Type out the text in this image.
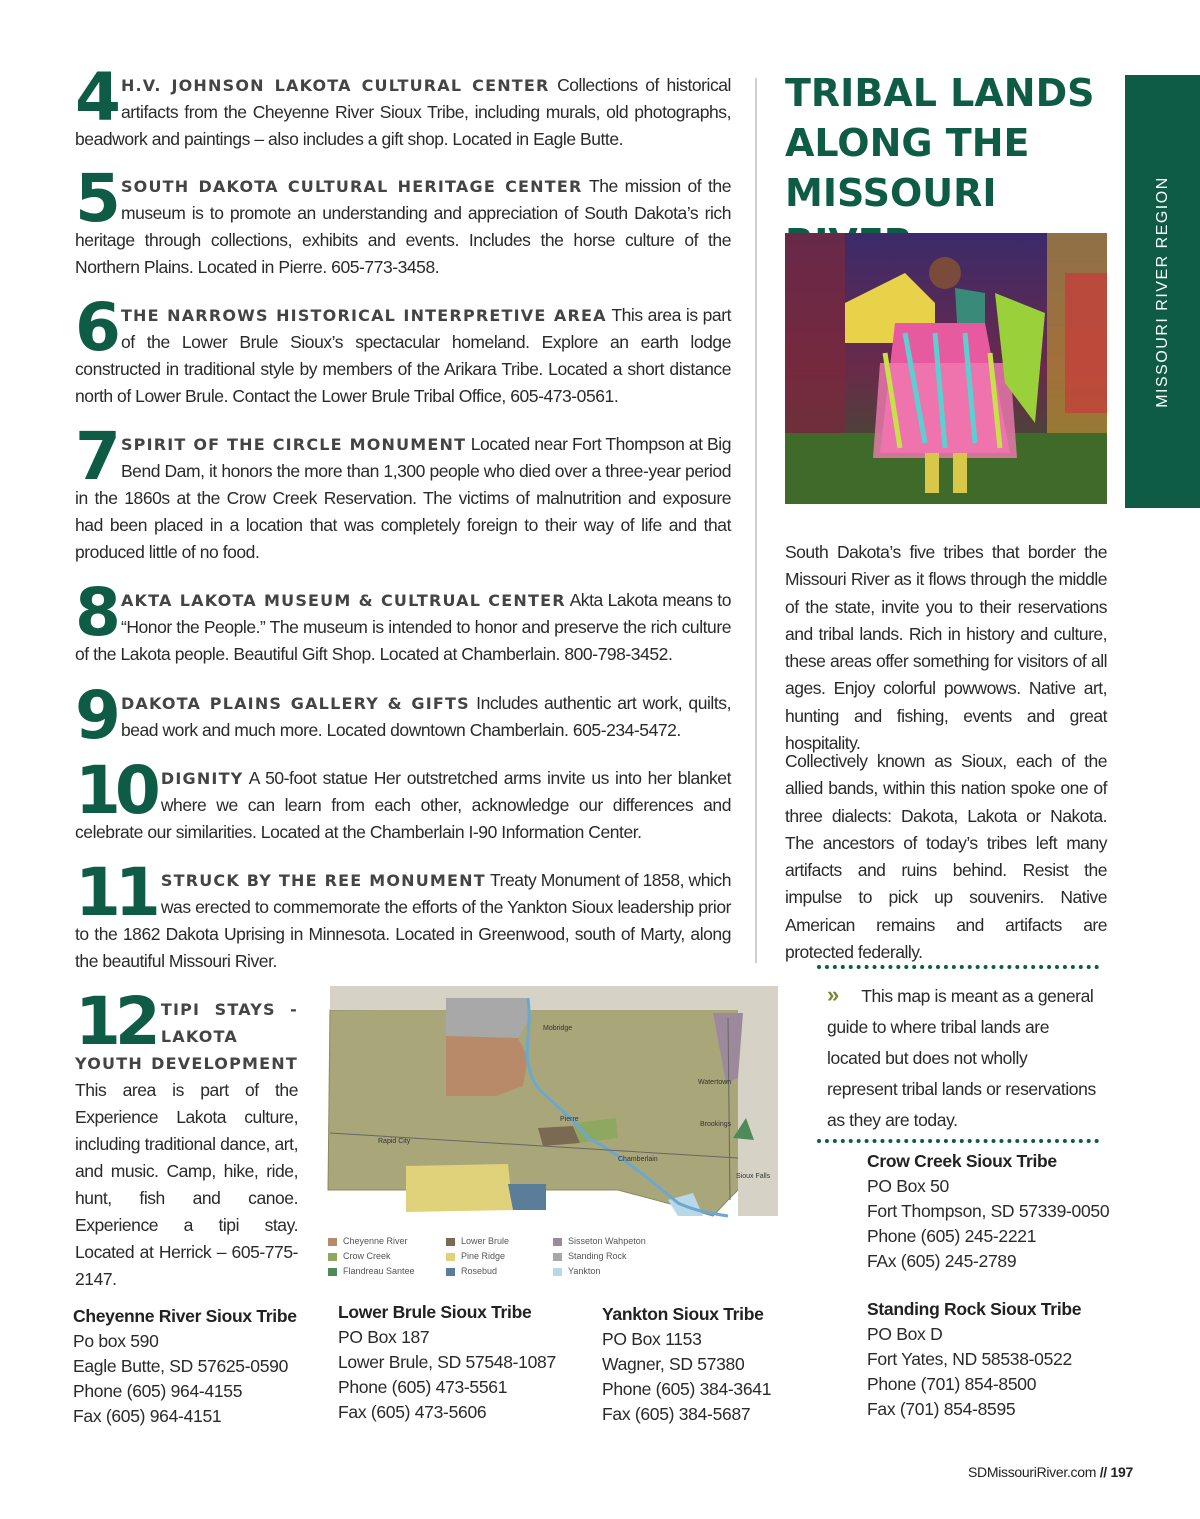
4 H.V. JOHNSON LAKOTA CULTURAL CENTER Collections of historical artifacts from the Cheyenne River Sioux Tribe, including murals, old photographs, beadwork and paintings – also includes a gift shop. Located in Eagle Butte.
5 SOUTH DAKOTA CULTURAL HERITAGE CENTER The mission of the museum is to promote an understanding and appreciation of South Dakota’s rich heritage through collections, exhibits and events. Includes the horse culture of the Northern Plains. Located in Pierre. 605-773-3458.
6 THE NARROWS HISTORICAL INTERPRETIVE AREA This area is part of the Lower Brule Sioux’s spectacular homeland. Explore an earth lodge constructed in traditional style by members of the Arikara Tribe. Located a short distance north of Lower Brule. Contact the Lower Brule Tribal Office, 605-473-0561.
7 SPIRIT OF THE CIRCLE MONUMENT Located near Fort Thompson at Big Bend Dam, it honors the more than 1,300 people who died over a three-year period in the 1860s at the Crow Creek Reservation. The victims of malnutrition and exposure had been placed in a location that was completely foreign to their way of life and that produced little of no food.
8 AKTA LAKOTA MUSEUM & CULTRUAL CENTER Akta Lakota means to “Honor the People.” The museum is intended to honor and preserve the rich culture of the Lakota people. Beautiful Gift Shop. Located at Chamberlain. 800-798-3452.
9 DAKOTA PLAINS GALLERY & GIFTS Includes authentic art work, quilts, bead work and much more. Located downtown Chamberlain. 605-234-5472.
10 DIGNITY A 50-foot statue Her outstretched arms invite us into her blanket where we can learn from each other, acknowledge our differences and celebrate our similarities. Located at the Chamberlain I-90 Information Center.
11 STRUCK BY THE REE MONUMENT Treaty Monument of 1858, which was erected to commemorate the efforts of the Yankton Sioux leadership prior to the 1862 Dakota Uprising in Minnesota. Located in Greenwood, south of Marty, along the beautiful Missouri River.
12 TIPI STAYS - LAKOTA YOUTH DEVELOPMENT This area is part of the Experience Lakota culture, including traditional dance, art, and music. Camp, hike, ride, hunt, fish and canoe. Experience a tipi stay. Located at Herrick – 605-775-2147.
Rapid City
Pierre
Chamberlain
Mobridge
Watertown
Brookings
Sioux Falls
Cheyenne River
Crow Creek
Flandreau Santee
Lower Brule
Pine Ridge
Rosebud
Sisseton Wahpeton
Standing Rock
Yankton
MISSOURI RIVER REGION
TRIBAL LANDS
ALONG THE
MISSOURI
South Dakota’s five tribes that border the Missouri River as it flows through the middle of the state, invite you to their reservations and tribal lands. Rich in history and culture, these areas offer something for visitors of all ages. Enjoy colorful powwows. Native art, hunting and fishing, events and great hospitality.
Collectively known as Sioux, each of the allied bands, within this nation spoke one of three dialects: Dakota, Lakota or Nakota. The ancestors of today’s tribes left many artifacts and ruins behind. Resist the impulse to pick up souvenirs. Native American remains and artifacts are protected federally.

» This map is meant as a general guide to where tribal lands are located but does not wholly represent tribal lands or reservations as they are today.

Crow Creek Sioux Tribe
PO Box 50
Fort Thompson, SD 57339-0050
Phone (605) 245-2221
FAx (605) 245-2789
Standing Rock Sioux Tribe
PO Box D
Fort Yates, ND 58538-0522
Phone (701) 854-8500
Fax (701) 854-8595
Cheyenne River Sioux Tribe
Po box 590
Eagle Butte, SD 57625-0590
Phone (605) 964-4155
Fax (605) 964-4151
Lower Brule Sioux Tribe
PO Box 187
Lower Brule, SD 57548-1087
Phone (605) 473-5561
Fax (605) 473-5606
Yankton Sioux Tribe
PO Box 1153
Wagner, SD 57380
Phone (605) 384-3641
Fax (605) 384-5687
SDMissouriRiver.com // 197
